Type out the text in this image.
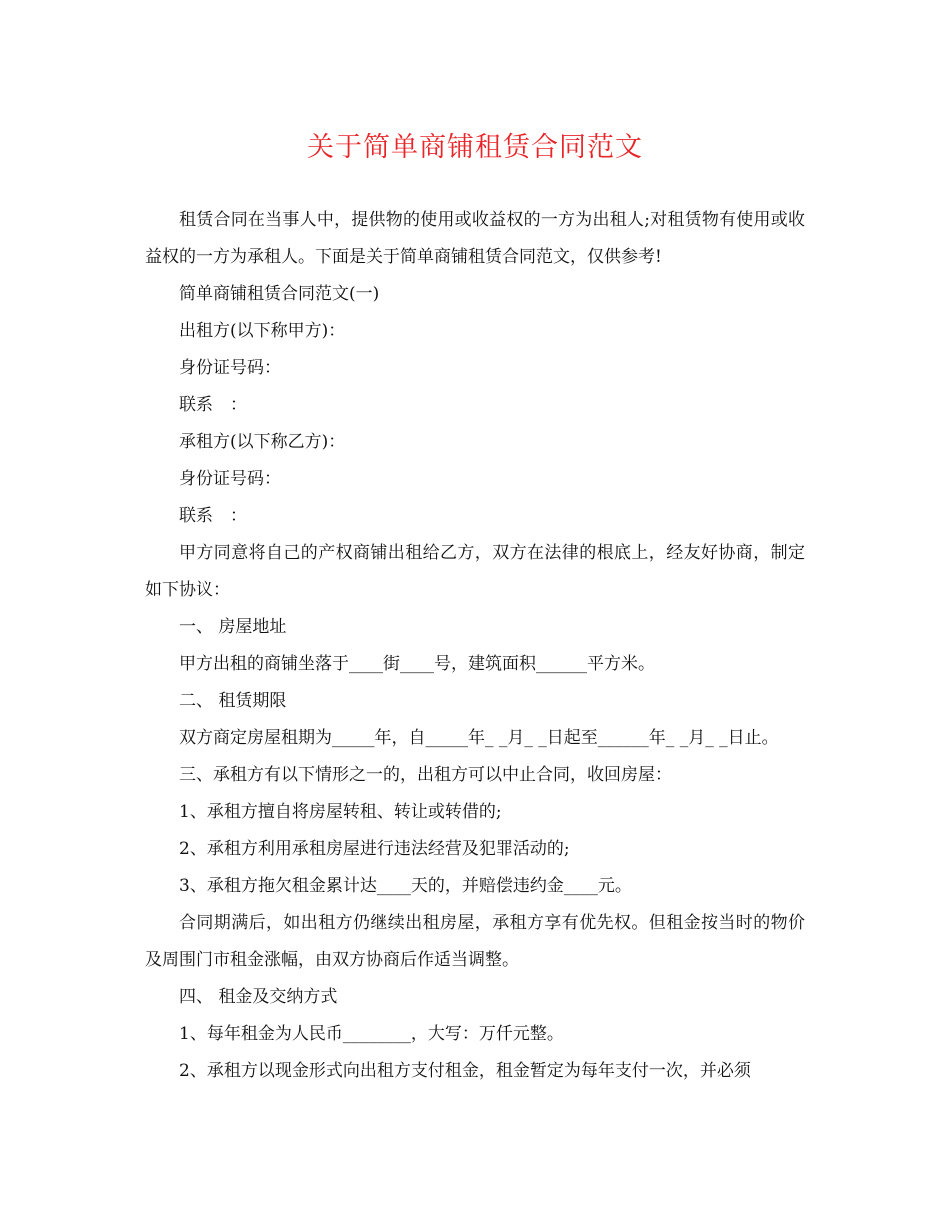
关于简单商铺租赁合同范文

租赁合同在当事人中，提供物的使用或收益权的一方为出租人;对租赁物有使用或收益权的一方为承租人。下面是关于简单商铺租赁合同范文，仅供参考!

简单商铺租赁合同范文(一)

出租方(以下称甲方)：

身份证号码：

联系　：

承租方(以下称乙方)：

身份证号码：

联系　：

甲方同意将自己的产权商铺出租给乙方，双方在法律的根底上，经友好协商，制定如下协议：

一、 房屋地址

甲方出租的商铺坐落于____街____号，建筑面积______平方米。

二、 租赁期限

双方商定房屋租期为_____年，自_____年_ _月_ _日起至______年_ _月_ _日止。

三、承租方有以下情形之一的，出租方可以中止合同，收回房屋：

1、承租方擅自将房屋转租、转让或转借的;

2、承租方利用承租房屋进行违法经营及犯罪活动的;

3、承租方拖欠租金累计达____天的，并赔偿违约金____元。

合同期满后，如出租方仍继续出租房屋，承租方享有优先权。但租金按当时的物价及周围门市租金涨幅，由双方协商后作适当调整。

四、 租金及交纳方式

1、每年租金为人民币________，大写：万仟元整。

2、承租方以现金形式向出租方支付租金，租金暂定为每年支付一次，并必须
